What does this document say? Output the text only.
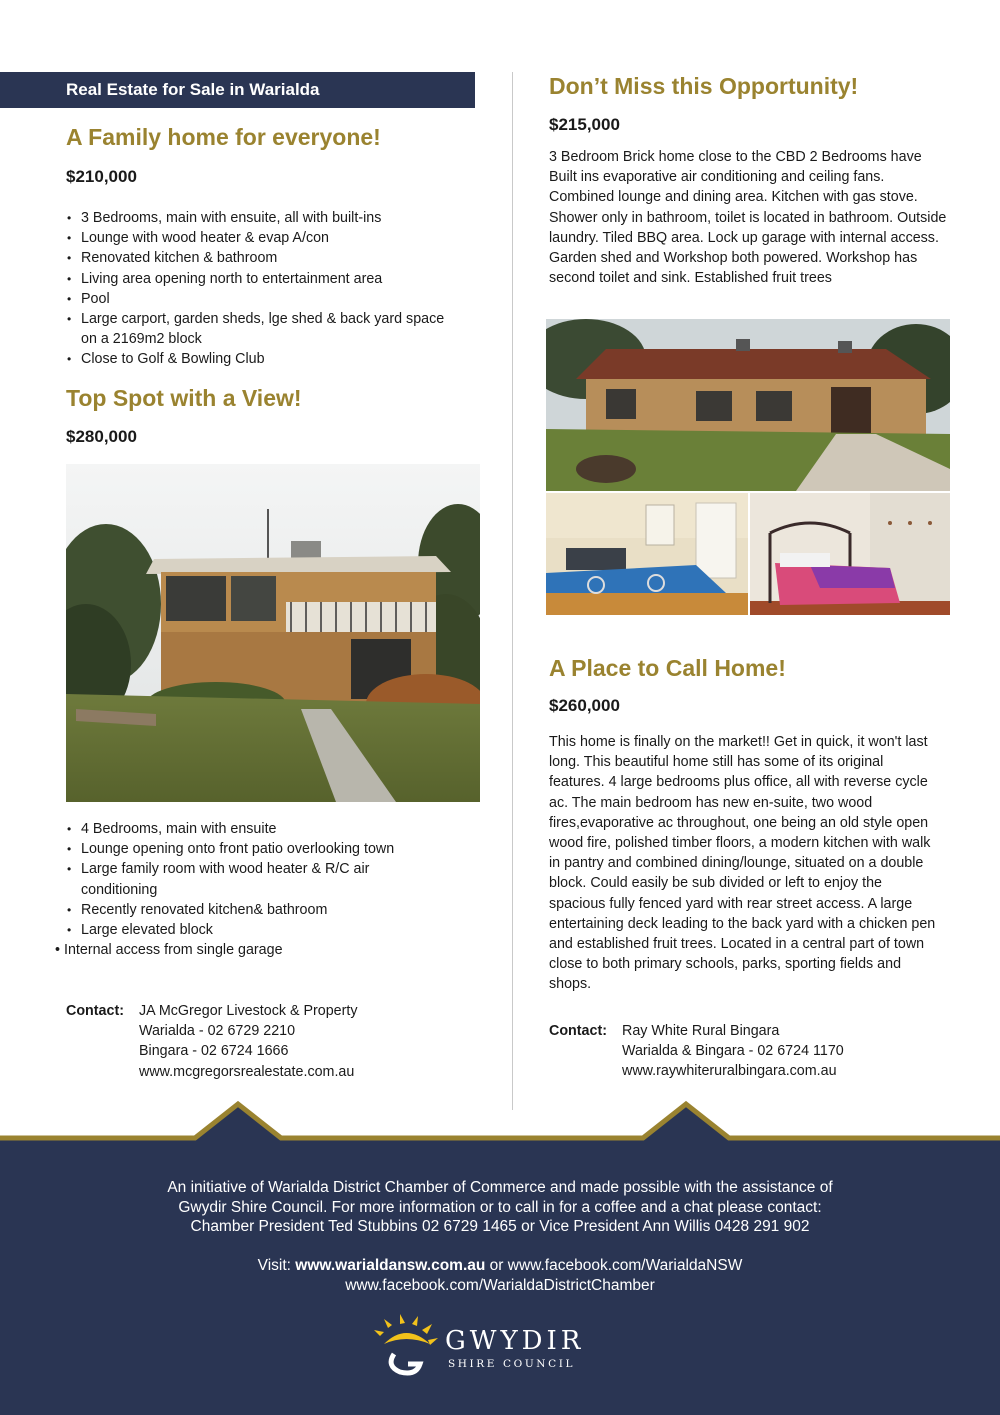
Real Estate for Sale in Warialda
A Family home for everyone!
$210,000
• 3 Bedrooms, main with ensuite, all with built-ins
• Lounge with wood heater & evap A/con
• Renovated kitchen & bathroom
• Living area opening north to entertainment area
• Pool
• Large carport, garden sheds, lge shed & back yard space on a 2169m2 block
• Close to Golf & Bowling Club
Top Spot with a View!
$280,000
• 4 Bedrooms, main with ensuite
• Lounge opening onto front patio overlooking town
• Large family room with wood heater & R/C air conditioning
• Recently renovated kitchen& bathroom
• Large elevated block
• Internal access from single garage
Contact: JA McGregor Livestock & Property
Warialda - 02 6729 2210
Bingara - 02 6724 1666
www.mcgregorsrealestate.com.au
Don’t Miss this Opportunity!
$215,000
3 Bedroom Brick home close to the CBD 2 Bedrooms have Built ins evaporative air conditioning and ceiling fans. Combined lounge and dining area. Kitchen with gas stove. Shower only in bathroom, toilet is located in bathroom. Outside laundry. Tiled BBQ area. Lock up garage with internal access. Garden shed and Workshop both powered. Workshop has second toilet and sink. Established fruit trees
A Place to Call Home!
$260,000
This home is finally on the market!! Get in quick, it won't last long. This beautiful home still has some of its original features. 4 large bedrooms plus office, all with reverse cycle ac. The main bedroom has new en-suite, two wood fires,evaporative ac throughout, one being an old style open wood fire, polished timber floors, a modern kitchen with walk in pantry and combined dining/lounge, situated on a double block. Could easily be sub divided or left to enjoy the spacious fully fenced yard with rear street access. A large entertaining deck leading to the back yard with a chicken pen and established fruit trees. Located in a central part of town close to both primary schools, parks, sporting fields and shops.
Contact: Ray White Rural Bingara
Warialda & Bingara - 02 6724 1170
www.raywhiteruralbingara.com.au
An initiative of Warialda District Chamber of Commerce and made possible with the assistance of
Gwydir Shire Council. For more information or to call in for a coffee and a chat please contact:
Chamber President Ted Stubbins 02 6729 1465 or Vice President Ann Willis 0428 291 902
Visit: www.warialdansw.com.au or www.facebook.com/WarialdaNSW
www.facebook.com/WarialdaDistrictChamber
GWYDIR
SHIRE COUNCIL
